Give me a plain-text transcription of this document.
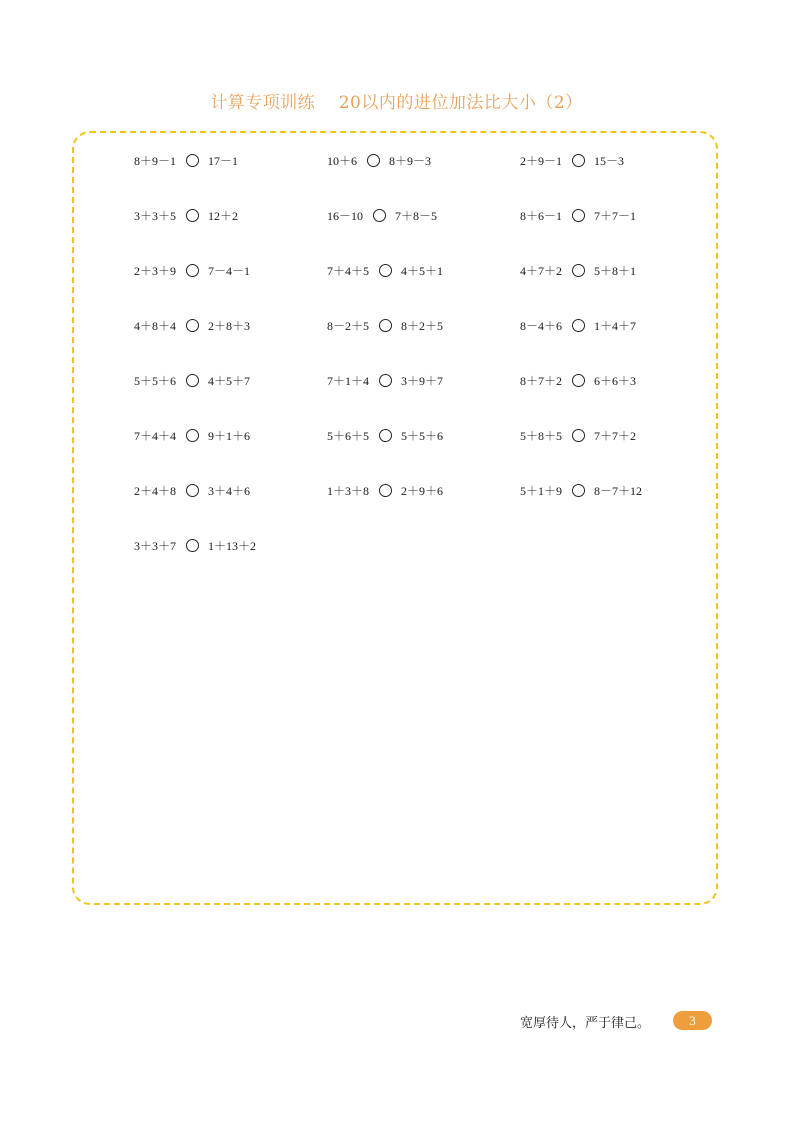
计算专项训练　 20以内的进位加法比大小（2）
8＋9－1	17－1	10＋6	8＋9－3	2＋9－1	15－3
3＋3＋5	12＋2	16－10	7＋8－5	8＋6－1	7＋7－1
2＋3＋9	7－4－1	7＋4＋5	4＋5＋1	4＋7＋2	5＋8＋1
4＋8＋4	2＋8＋3	8－2＋5	8＋2＋5	8－4＋6	1＋4＋7
5＋5＋6	4＋5＋7	7＋1＋4	3＋9＋7	8＋7＋2	6＋6＋3
7＋4＋4	9＋1＋6	5＋6＋5	5＋5＋6	5＋8＋5	7＋7＋2
2＋4＋8	3＋4＋6	1＋3＋8	2＋9＋6	5＋1＋9	8－7＋12
3＋3＋7	1＋13＋2
宽厚待人，严于律己。	3
